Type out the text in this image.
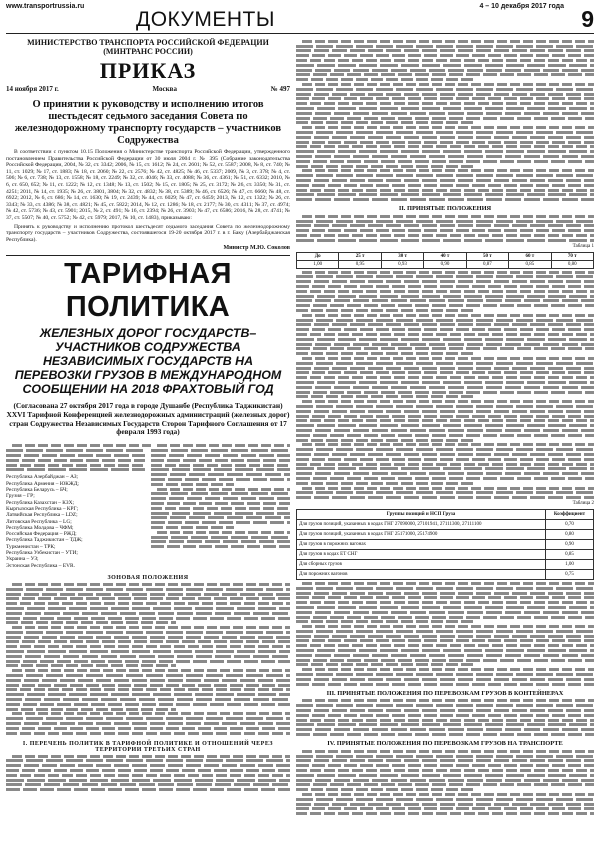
www.transportrussia.ru	4 – 10 декабря 2017 года
ДОКУМЕНТЫ	9
МИНИСТЕРСТВО ТРАНСПОРТА РОССИЙСКОЙ ФЕДЕРАЦИИ
(МИНТРАНС РОССИИ)
ПРИКАЗ
14 ноября 2017 г.	Москва	№ 497
О принятии к руководству и исполнению итогов шестьдесят седьмого заседания Совета по железнодорожному транспорту государств – участников Содружества

В соответствии с пунктом 10.15 Положения о Министерстве транспорта Российской Федерации, утвержденного постановлением Правительства Российской Федерации от 30 июля 2004 г. № 395 (Собрание законодательства Российской Федерации, 2004, № 32, ст. 3342; 2006, № 15, ст. 1612; № 24, ст. 2601; № 52, ст. 5587; 2008, № 8, ст. 740; № 11, ст. 1029; № 17, ст. 1883; № 18, ст. 2060; № 22, ст. 2576; № 42, ст. 4825; № 46, ст. 5337; 2009, № 3, ст. 378; № 4, ст. 506; № 6, ст. 738; № 13, ст. 1558; № 18, ст. 2249; № 32, ст. 4046; № 33, ст. 4088; № 36, ст. 4361; № 51, ст. 6332; 2010, № 6, ст. 650, 652; № 11, ст. 1222; № 12, ст. 1348; № 13, ст. 1502; № 15, ст. 1805; № 25, ст. 3172; № 26, ст. 3350; № 31, ст. 4251; 2011, № 14, ст. 1935; № 26, ст. 3801, 3804; № 32, ст. 4832; № 38, ст. 5389; № 46, ст. 6526; № 47, ст. 6660; № 48, ст. 6922; 2012, № 6, ст. 686; № 14, ст. 1630; № 19, ст. 2439; № 44, ст. 6029; № 47, ст. 6459; 2013, № 12, ст. 1322; № 26, ст. 3343; № 33, ст. 4386; № 38, ст. 4821; № 45, ст. 5822; 2014, № 12, ст. 1286; № 18, ст. 2177; № 30, ст. 4311; № 37, ст. 4974; № 42, ст. 5736; № 43, ст. 5901; 2015, № 2, ст. 491; № 16, ст. 2394; № 26, ст. 3903; № 47, ст. 6586; 2016, № 28, ст. 4741; № 37, ст. 5507; № 40, ст. 5752; № 42, ст. 5979; 2017, № 10, ст. 1483), приказываю:

Принять к руководству и исполнению протокол шестьдесят седьмого заседания Совета по железнодорожному транспорту государств – участников Содружества, состоявшегося 19-20 октября 2017 г. в г. Баку (Азербайджанская Республика).

Министр М.Ю. Соколов
ТАРИФНАЯ ПОЛИТИКА
ЖЕЛЕЗНЫХ ДОРОГ ГОСУДАРСТВ–УЧАСТНИКОВ СОДРУЖЕСТВА НЕЗАВИСИМЫХ ГОСУДАРСТВ НА ПЕРЕВОЗКИ ГРУЗОВ В МЕЖДУНАРОДНОМ СООБЩЕНИИ НА 2018 ФРАХТОВЫЙ ГОД
(Согласована 27 октября 2017 года в городе Душанбе (Республика Таджикистан) XXVI Тарифной Конференцией железнодорожных администраций (железных дорог) стран Содружества Независимых Государств Сторон Тарифного Соглашения от 17 февраля 1993 года)
Республика Азербайджан – АЗ;
Республика Армения – ЮКЖД;
Республика Беларусь – БЧ;
Грузия – ГР;
Республика Казахстан – КЗХ;
Кыргызская Республика – КРГ;
Латвийская Республика – LDZ;
Литовская Республика – LG;
Республика Молдова – ЧФМ;
Российская Федерация – РЖД;
Республика Таджикистан – ТДЖ;
Туркменистан – ТРК;
Республика Узбекистан – УТИ;
Украина – УЗ;
Эстонская Республика – EVR.
ЗОНОВАЯ ПОЛОЖЕНИЯ
I. ПЕРЕЧЕНЬ ПОЛИТИК В ТАРИФНОЙ ПОЛИТИКЕ И ОТНОШЕНИЙ ЧЕРЕЗ ТЕРРИТОРИИ ТРЕТЬИХ СТРАН
II. ПРИНЯТЫЕ ПОЛОЖЕНИЯ
Таблица 1
До	25 т	30 т	40 т	50 т	60 т	70 т
1,00	0,95	0,93	0,90	0,87	0,85	0,80
Таблица 2
Группы позиций и НСП Груза	Коэффициент
Для грузов позиций, указанных в кодах ГНГ 27090000, 27101941, 27111300, 27111100	0,70
Для грузов позиций, указанных в кодах ГНГ 25171000, 25174900	0,80
Для грузов в порожних вагонах	0,90
Для грузов в кодах ЕТ СНГ	0,85
Для сборных грузов	1,00
Для порожних вагонов	0,75
III. ПРИНЯТЫЕ ПОЛОЖЕНИЯ ПО ПЕРЕВОЗКАМ ГРУЗОВ В КОНТЕЙНЕРАХ
IV. ПРИНЯТЫЕ ПОЛОЖЕНИЯ ПО ПЕРЕВОЗКАМ ГРУЗОВ НА ТРАНСПОРТЕ
